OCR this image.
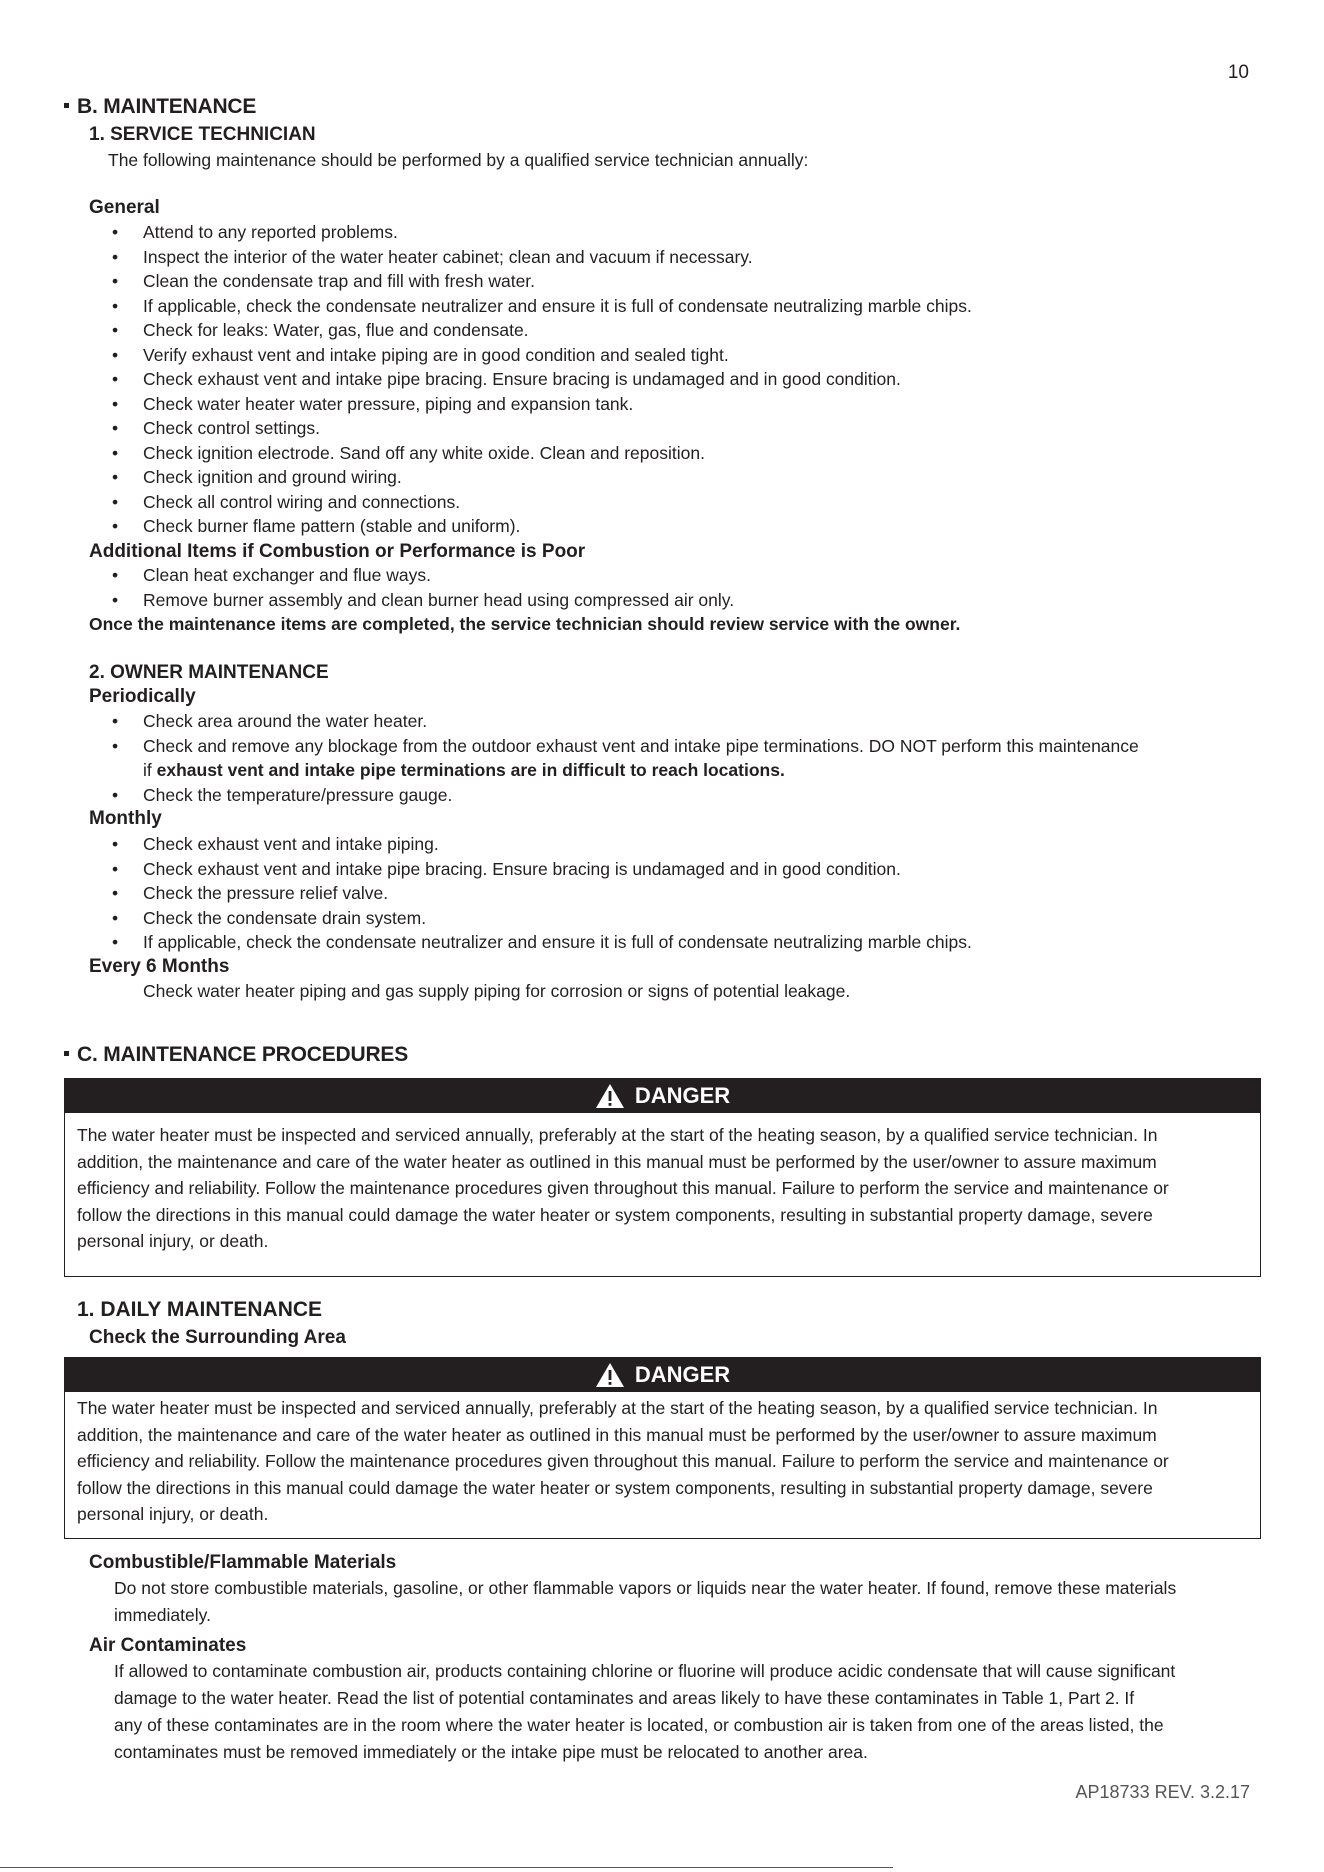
10
B. MAINTENANCE
1. SERVICE TECHNICIAN
The following maintenance should be performed by a qualified service technician annually:
General
• Attend to any reported problems.
• Inspect the interior of the water heater cabinet; clean and vacuum if necessary.
• Clean the condensate trap and fill with fresh water.
• If applicable, check the condensate neutralizer and ensure it is full of condensate neutralizing marble chips.
• Check for leaks: Water, gas, flue and condensate.
• Verify exhaust vent and intake piping are in good condition and sealed tight.
• Check exhaust vent and intake pipe bracing. Ensure bracing is undamaged and in good condition.
• Check water heater water pressure, piping and expansion tank.
• Check control settings.
• Check ignition electrode. Sand off any white oxide. Clean and reposition.
• Check ignition and ground wiring.
• Check all control wiring and connections.
• Check burner flame pattern (stable and uniform).
Additional Items if Combustion or Performance is Poor
• Clean heat exchanger and flue ways.
• Remove burner assembly and clean burner head using compressed air only.
Once the maintenance items are completed, the service technician should review service with the owner.
2. OWNER MAINTENANCE
Periodically
• Check area around the water heater.
• Check and remove any blockage from the outdoor exhaust vent and intake pipe terminations. DO NOT perform this maintenance
• Check the temperature/pressure gauge.
if exhaust vent and intake pipe terminations are in difficult to reach locations.
Monthly
• Check exhaust vent and intake piping.
• Check exhaust vent and intake pipe bracing. Ensure bracing is undamaged and in good condition.
• Check the pressure relief valve.
• Check the condensate drain system.
• If applicable, check the condensate neutralizer and ensure it is full of condensate neutralizing marble chips.
Every 6 Months
Check water heater piping and gas supply piping for corrosion or signs of potential leakage.
C. MAINTENANCE PROCEDURES
DANGER
The water heater must be inspected and serviced annually, preferably at the start of the heating season, by a qualified service technician. In
addition, the maintenance and care of the water heater as outlined in this manual must be performed by the user/owner to assure maximum
efficiency and reliability. Follow the maintenance procedures given throughout this manual. Failure to perform the service and maintenance or
follow the directions in this manual could damage the water heater or system components, resulting in substantial property damage, severe
personal injury, or death.
1. DAILY MAINTENANCE
Check the Surrounding Area
DANGER
The water heater must be inspected and serviced annually, preferably at the start of the heating season, by a qualified service technician. In
addition, the maintenance and care of the water heater as outlined in this manual must be performed by the user/owner to assure maximum
efficiency and reliability. Follow the maintenance procedures given throughout this manual. Failure to perform the service and maintenance or
follow the directions in this manual could damage the water heater or system components, resulting in substantial property damage, severe
personal injury, or death.
Combustible/Flammable Materials
Do not store combustible materials, gasoline, or other flammable vapors or liquids near the water heater. If found, remove these materials
immediately.
Air Contaminates
If allowed to contaminate combustion air, products containing chlorine or fluorine will produce acidic condensate that will cause significant
damage to the water heater. Read the list of potential contaminates and areas likely to have these contaminates in Table 1, Part 2. If
any of these contaminates are in the room where the water heater is located, or combustion air is taken from one of the areas listed, the
contaminates must be removed immediately or the intake pipe must be relocated to another area.
AP18733 REV. 3.2.17
